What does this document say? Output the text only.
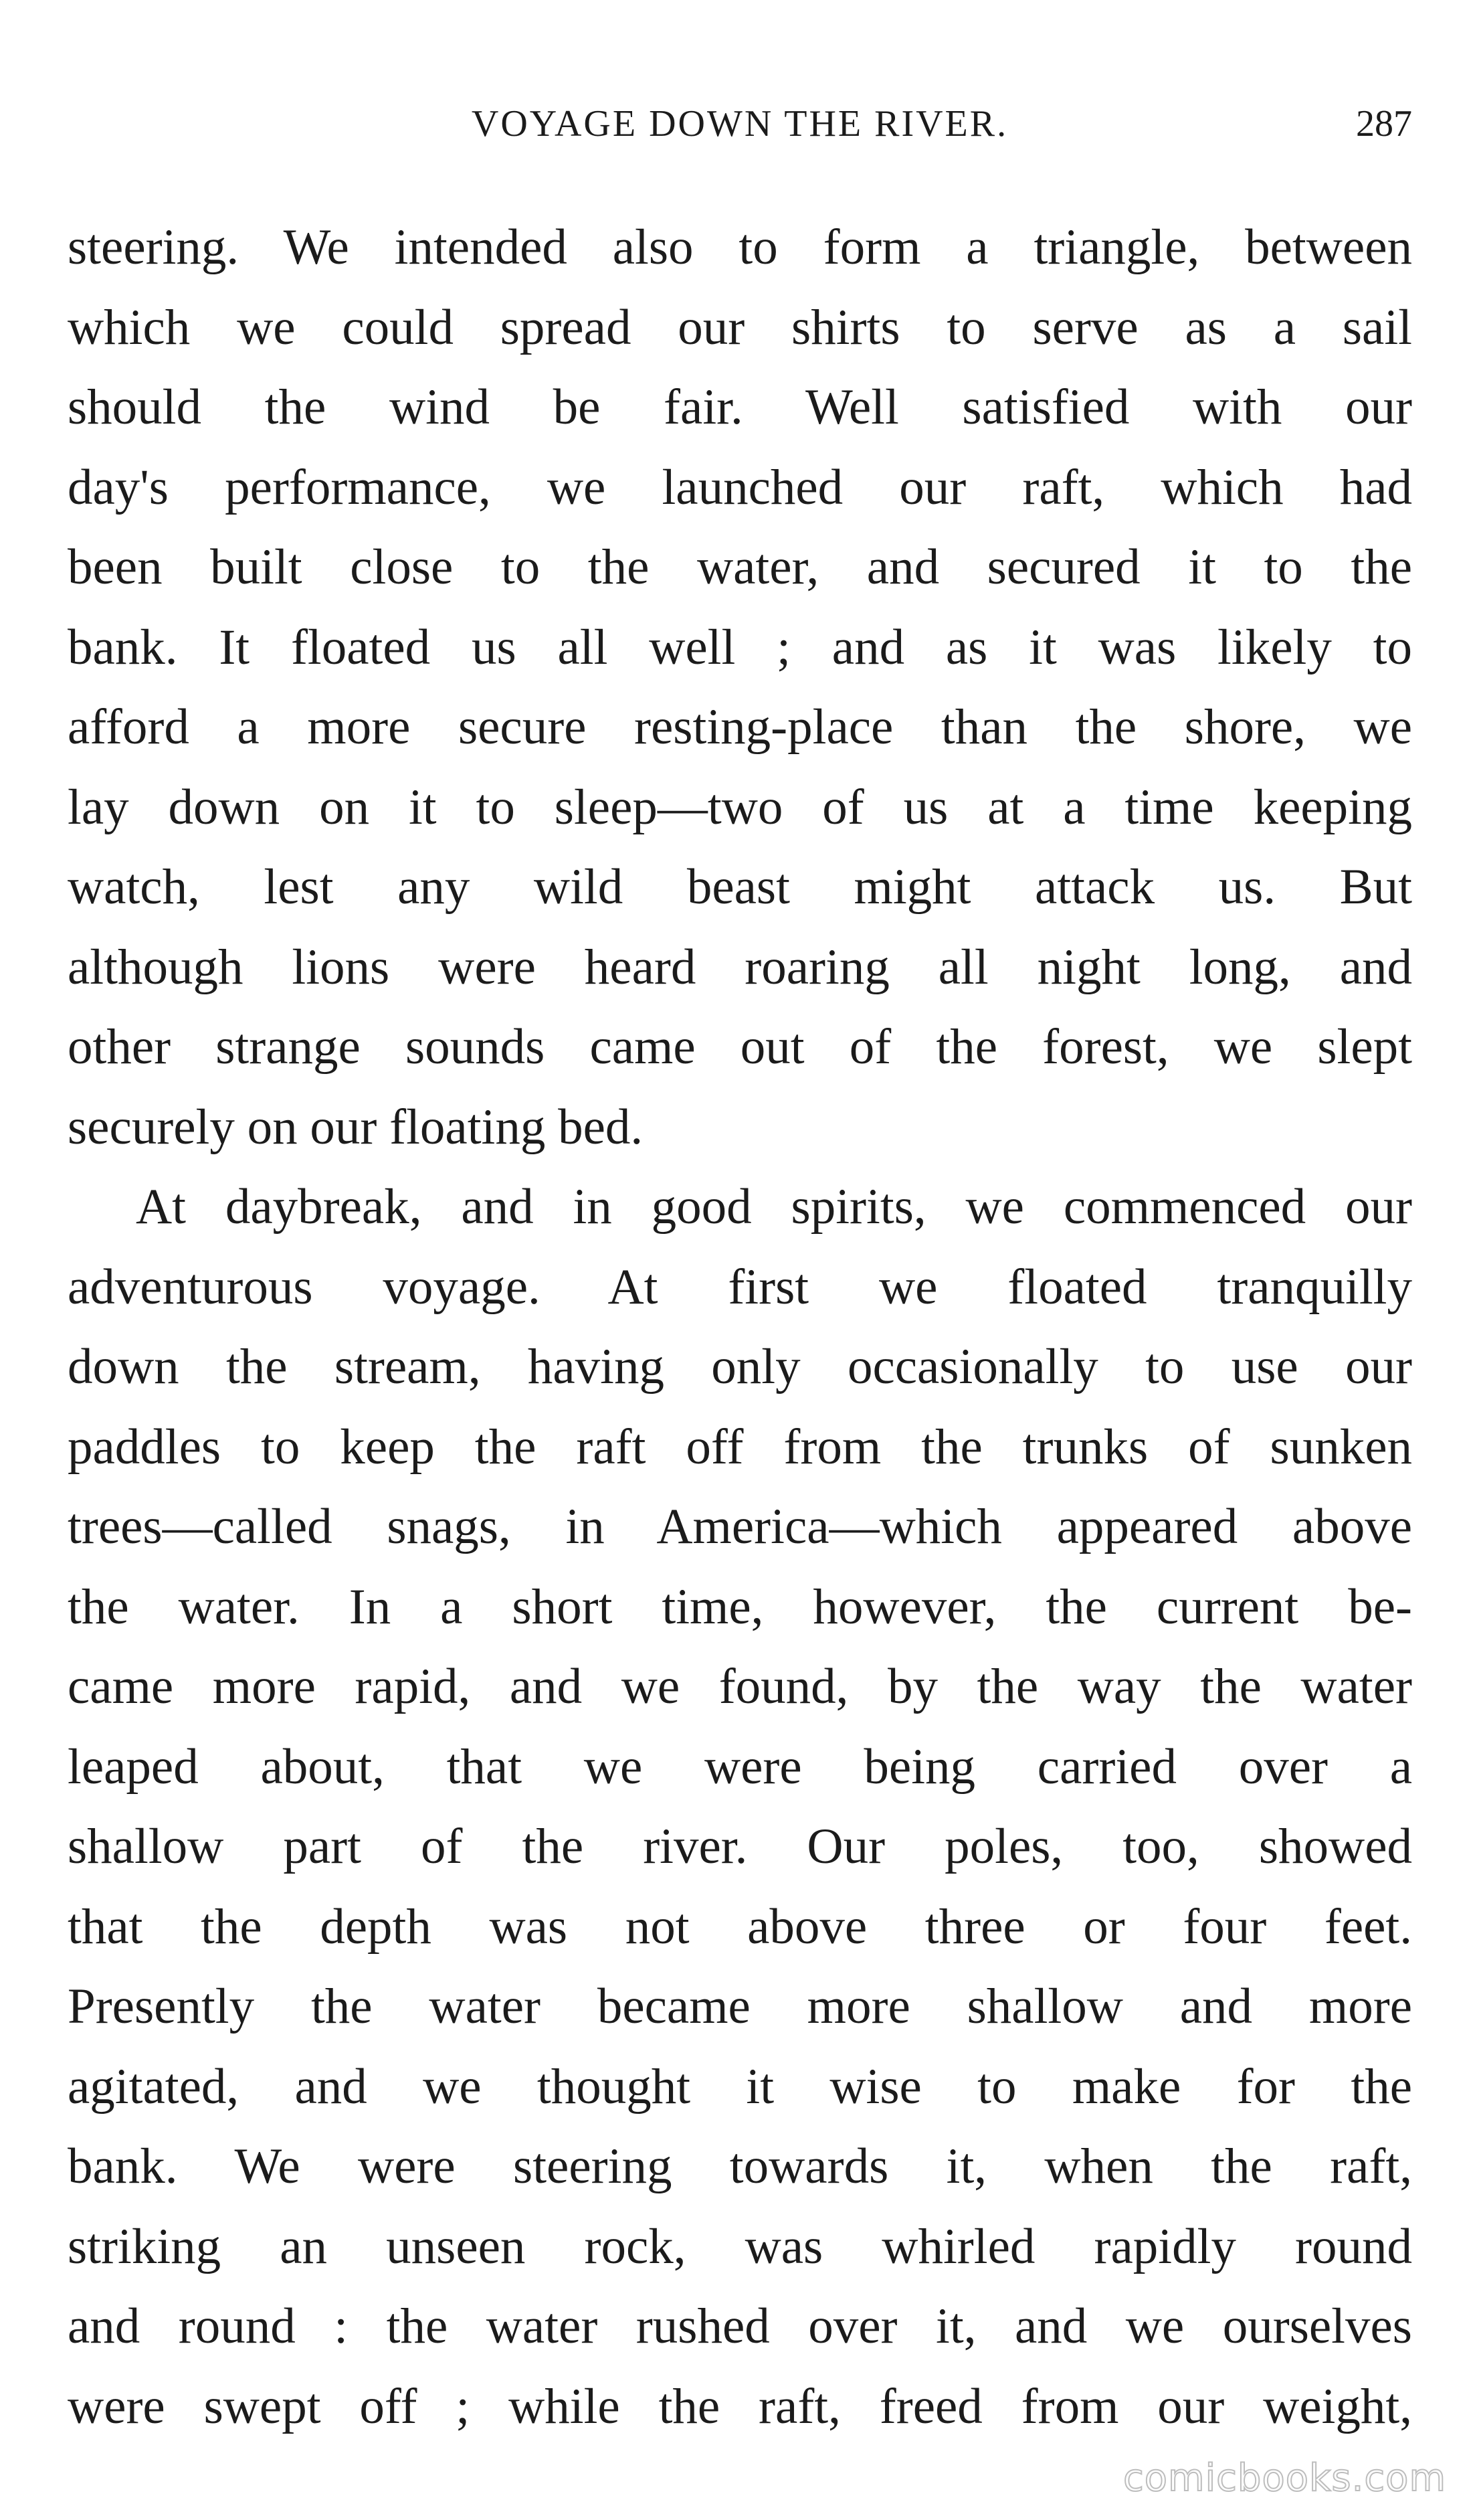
VOYAGE DOWN THE RIVER.	287
steering. We intended also to form a triangle, between
which we could spread our shirts to serve as a sail
should the wind be fair. Well satisfied with our
day's performance, we launched our raft, which had
been built close to the water, and secured it to the
bank. It floated us all well ; and as it was likely to
afford a more secure resting-place than the shore, we
lay down on it to sleep—two of us at a time keeping
watch, lest any wild beast might attack us. But
although lions were heard roaring all night long, and
other strange sounds came out of the forest, we slept
securely on our floating bed.
At daybreak, and in good spirits, we commenced our
adventurous voyage. At first we floated tranquilly
down the stream, having only occasionally to use our
paddles to keep the raft off from the trunks of sunken
trees—called snags, in America—which appeared above
the water. In a short time, however, the current be-
came more rapid, and we found, by the way the water
leaped about, that we were being carried over a
shallow part of the river. Our poles, too, showed
that the depth was not above three or four feet.
Presently the water became more shallow and more
agitated, and we thought it wise to make for the
bank. We were steering towards it, when the raft,
striking an unseen rock, was whirled rapidly round
and round : the water rushed over it, and we ourselves
were swept off ; while the raft, freed from our weight,
comicbooks.com
